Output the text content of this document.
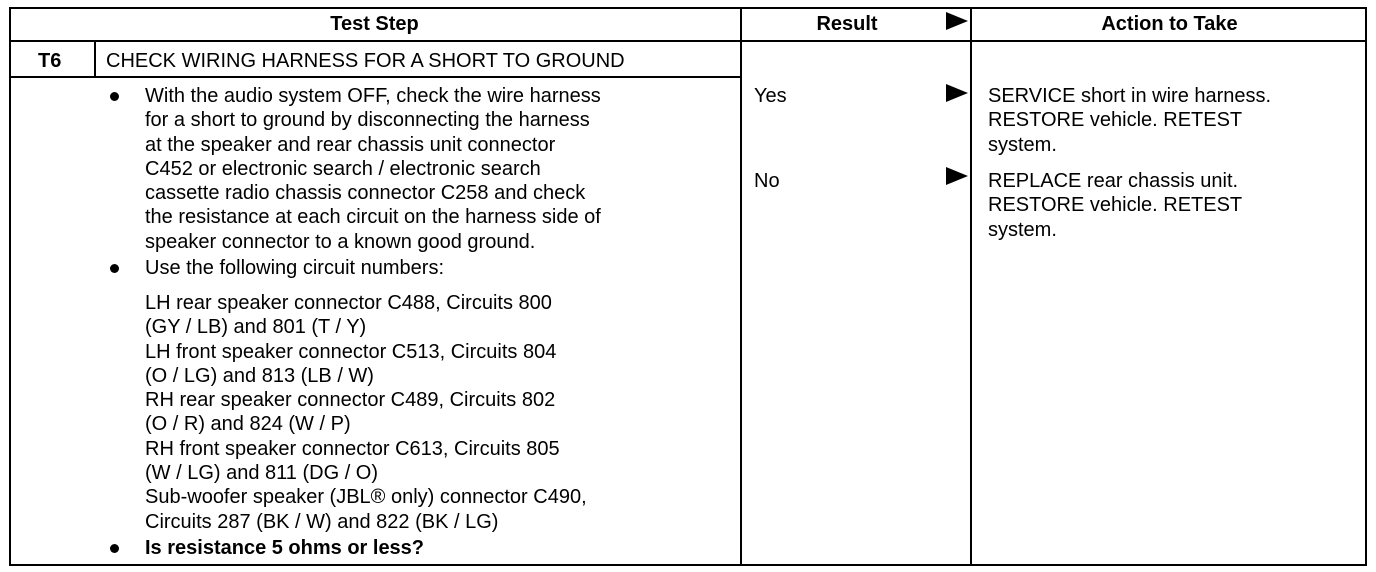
Test Step	Result	Action to Take
T6 CHECK WIRING HARNESS FOR A SHORT TO GROUND
With the audio system OFF, check the wire harness
for a short to ground by disconnecting the harness
at the speaker and rear chassis unit connector
C452 or electronic search / electronic search
cassette radio chassis connector C258 and check
the resistance at each circuit on the harness side of
speaker connector to a known good ground.
Use the following circuit numbers:
LH rear speaker connector C488, Circuits 800
(GY / LB) and 801 (T / Y)
LH front speaker connector C513, Circuits 804
(O / LG) and 813 (LB / W)
RH rear speaker connector C489, Circuits 802
(O / R) and 824 (W / P)
RH front speaker connector C613, Circuits 805
(W / LG) and 811 (DG / O)
Sub-woofer speaker (JBL® only) connector C490,
Circuits 287 (BK / W) and 822 (BK / LG)
Is resistance 5 ohms or less?
Yes	SERVICE short in wire harness.
RESTORE vehicle. RETEST
system.
No	REPLACE rear chassis unit.
RESTORE vehicle. RETEST
system.
